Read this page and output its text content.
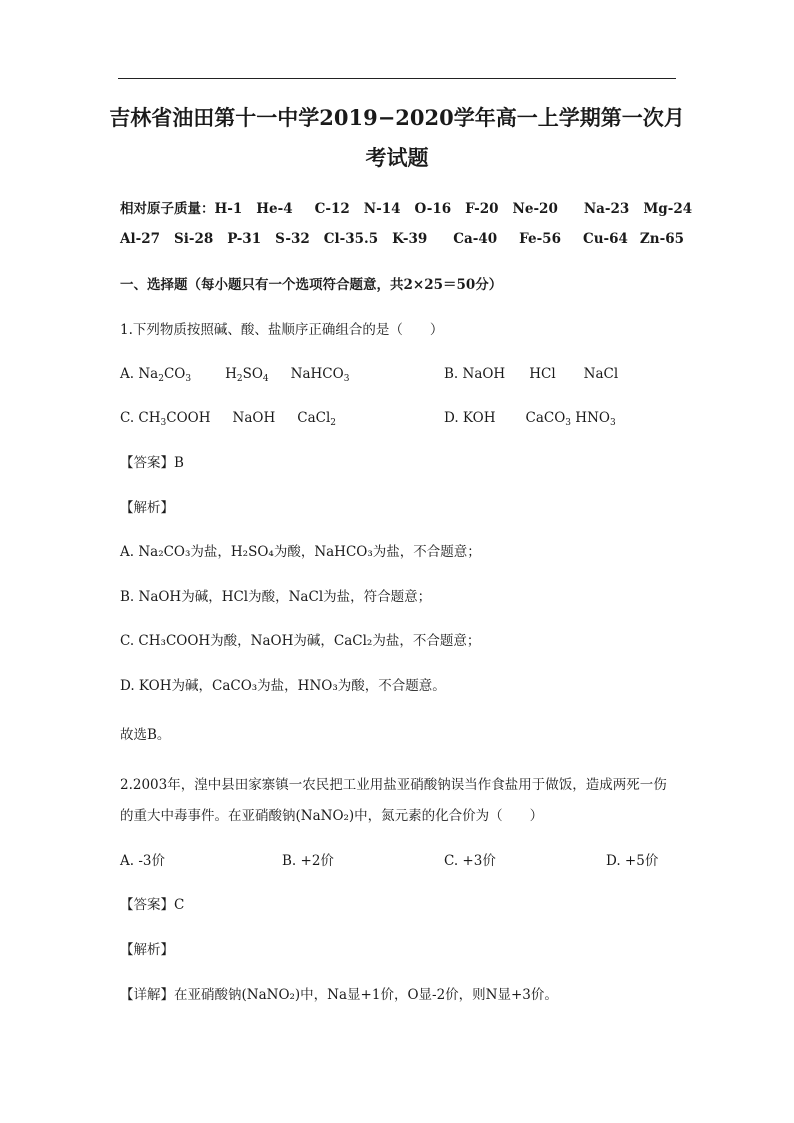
吉林省油田第十一中学2019−2020学年高一上学期第一次月
考试题
相对原子质量：H-1 He-4 C-12 N-14 O-16 F-20 Ne-20 Na-23 Mg-24
Al-27 Si-28 P-31 S-32 Cl-35.5 K-39 Ca-40 Fe-56 Cu-64 Zn-65
一、选择题（每小题只有一个选项符合题意，共2×25＝50分）
1.下列物质按照碱、酸、盐顺序正确组合的是（　　）
A. $Na_2CO_3$	$H_2SO_4$ NaHCO$_3$	B. NaOH HCl NaCl
C. $CH_3COOH$ NaOH CaCl$_2$	D. KOH CaCO$_3$ $HNO_3$
【答案】B
【解析】
A. Na₂CO₃为盐，H₂SO₄为酸，NaHCO₃为盐，不合题意；
B. NaOH为碱，HCl为酸，NaCl为盐，符合题意；
C. CH₃COOH为酸，NaOH为碱，CaCl₂为盐，不合题意；
D. KOH为碱，CaCO₃为盐，HNO₃为酸，不合题意。
故选B。
2.2003年，湟中县田家寨镇一农民把工业用盐亚硝酸钠误当作食盐用于做饭，造成两死一伤
的重大中毒事件。在亚硝酸钠(NaNO₂)中，氮元素的化合价为（　　）
A. -3价	B. +2价	C. +3价	D. +5价
【答案】C
【解析】
【详解】在亚硝酸钠(NaNO₂)中，Na显+1价，O显-2价，则N显+3价。
